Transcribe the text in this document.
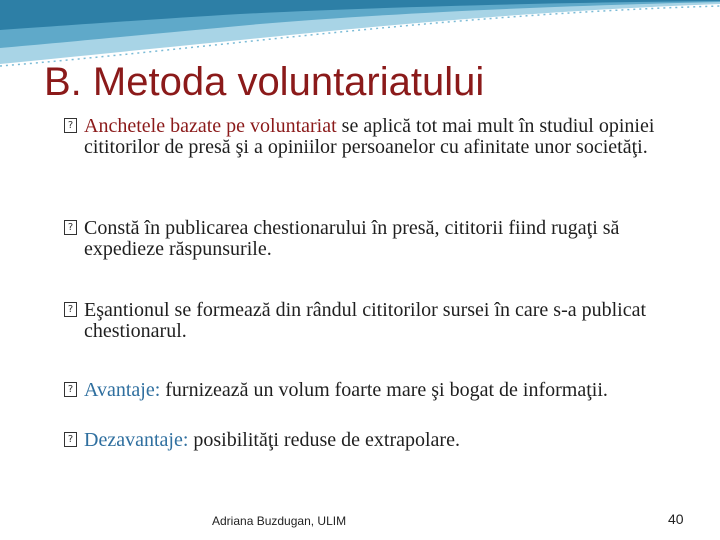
B. Metoda voluntariatului
? Anchetele bazate pe voluntariat se aplică tot mai mult în studiul opiniei cititorilor de presă şi a opiniilor persoanelor cu afinitate unor societăţi.
? Constă în publicarea chestionarului în presă, cititorii fiind rugaţi să expedieze răspunsurile.
? Eşantionul se formează din rândul cititorilor sursei în care s-a publicat chestionarul.
? Avantaje: furnizează un volum foarte mare şi bogat de informaţii.
? Dezavantaje: posibilităţi reduse de extrapolare.
Adriana Buzdugan, ULIM	40
